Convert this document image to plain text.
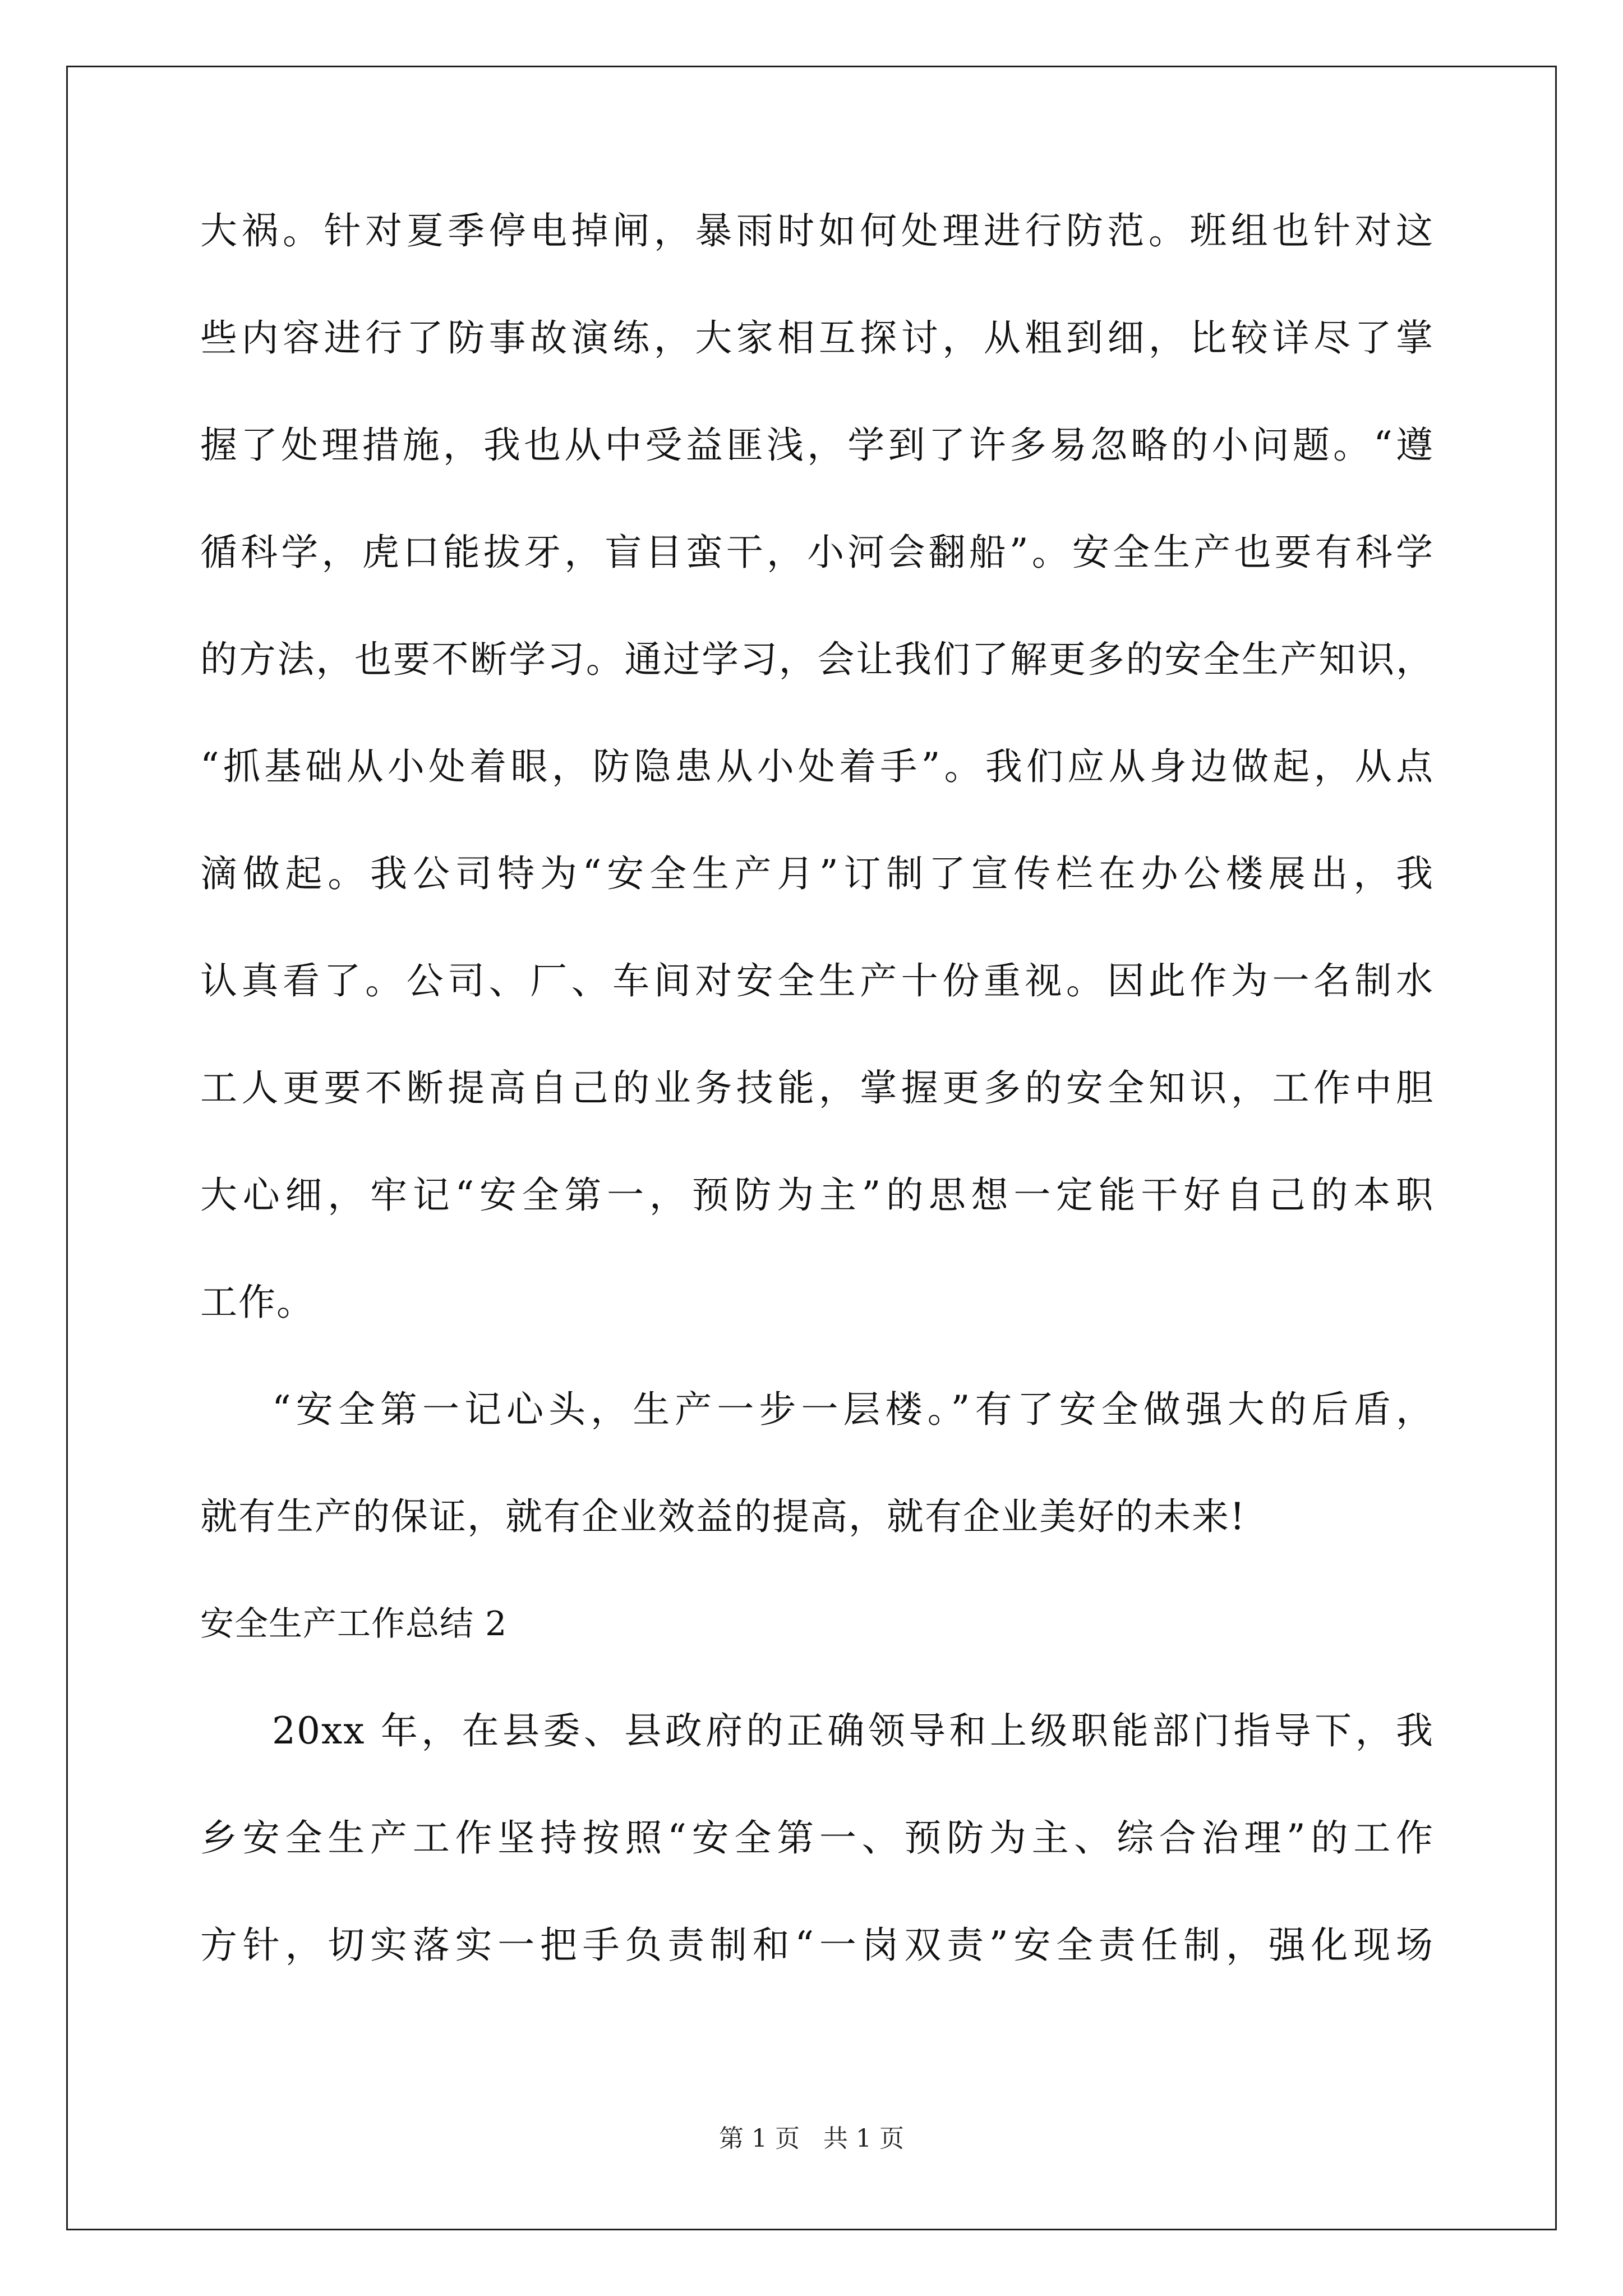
大祸。针对夏季停电掉闸，暴雨时如何处理进行防范。班组也针对这
些内容进行了防事故演练，大家相互探讨，从粗到细，比较详尽了掌
握了处理措施，我也从中受益匪浅，学到了许多易忽略的小问题。“遵
循科学，虎口能拔牙，盲目蛮干，小河会翻船”。安全生产也要有科学
的方法，也要不断学习。通过学习，会让我们了解更多的安全生产知识，
“抓基础从小处着眼，防隐患从小处着手”。我们应从身边做起，从点
滴做起。我公司特为“安全生产月”订制了宣传栏在办公楼展出，我
认真看了。公司、厂、车间对安全生产十份重视。因此作为一名制水
工人更要不断提高自己的业务技能，掌握更多的安全知识，工作中胆
大心细，牢记“安全第一，预防为主”的思想一定能干好自己的本职
工作。
“安全第一记心头，生产一步一层楼。”有了安全做强大的后盾，
就有生产的保证，就有企业效益的提高，就有企业美好的未来!
安全生产工作总结 2
20xx 年，在县委、县政府的正确领导和上级职能部门指导下，我
乡安全生产工作坚持按照“安全第一、预防为主、综合治理”的工作
方针，切实落实一把手负责制和“一岗双责”安全责任制，强化现场
第 1 页 共 1 页
